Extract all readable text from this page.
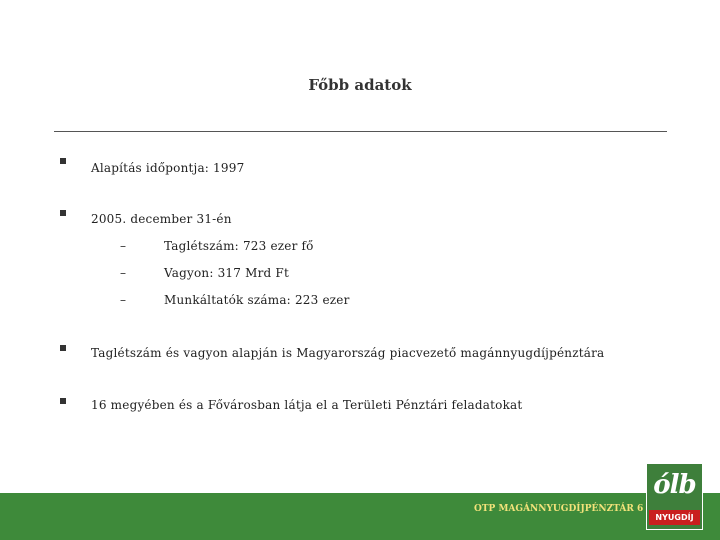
Főbb adatok
Alapítás időpontja: 1997
2005. december 31-én
–	Taglétszám: 723 ezer fő
–	Vagyon: 317 Mrd Ft
–	Munkáltatók száma: 223 ezer
Taglétszám és vagyon alapján is Magyarország piacvezető magánnyugdíjpénztára
16 megyében és a Fővárosban látja el a Területi Pénztári feladatokat
OTP MAGÁNNYUGDÍJPÉNZTÁR 6
ólb
NYUGDÍJ
